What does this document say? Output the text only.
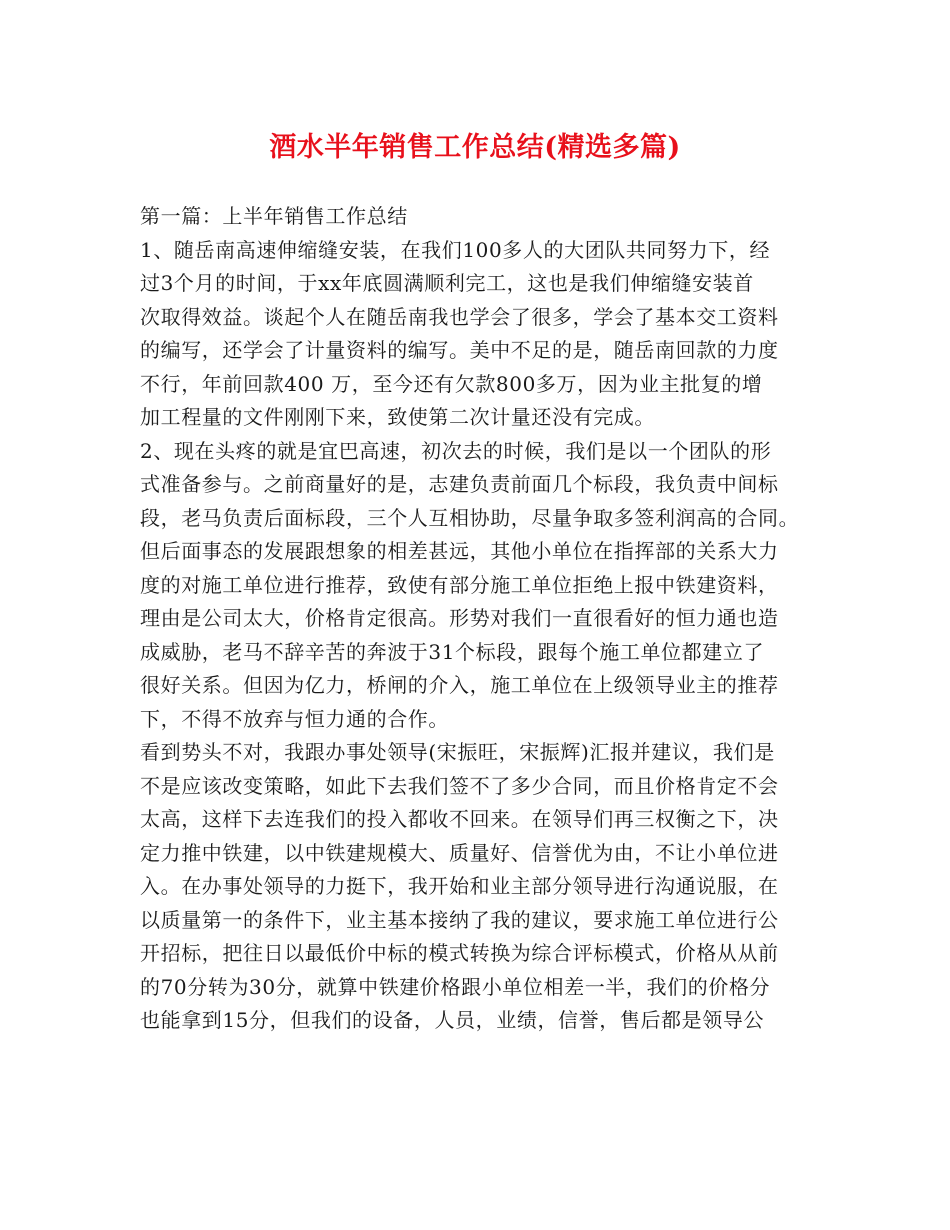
酒水半年销售工作总结(精选多篇)
第一篇：上半年销售工作总结
1、随岳南高速伸缩缝安装，在我们100多人的大团队共同努力下，经
过3个月的时间，于xx年底圆满顺利完工，这也是我们伸缩缝安装首
次取得效益。谈起个人在随岳南我也学会了很多，学会了基本交工资料
的编写，还学会了计量资料的编写。美中不足的是，随岳南回款的力度
不行，年前回款400 万，至今还有欠款800多万，因为业主批复的增
加工程量的文件刚刚下来，致使第二次计量还没有完成。
2、现在头疼的就是宜巴高速，初次去的时候，我们是以一个团队的形
式准备参与。之前商量好的是，志建负责前面几个标段，我负责中间标
段，老马负责后面标段，三个人互相协助，尽量争取多签利润高的合同。
但后面事态的发展跟想象的相差甚远，其他小单位在指挥部的关系大力
度的对施工单位进行推荐，致使有部分施工单位拒绝上报中铁建资料，
理由是公司太大，价格肯定很高。形势对我们一直很看好的恒力通也造
成威胁，老马不辞辛苦的奔波于31个标段，跟每个施工单位都建立了
很好关系。但因为亿力，桥闸的介入，施工单位在上级领导业主的推荐
下，不得不放弃与恒力通的合作。
看到势头不对，我跟办事处领导(宋振旺，宋振辉)汇报并建议，我们是
不是应该改变策略，如此下去我们签不了多少合同，而且价格肯定不会
太高，这样下去连我们的投入都收不回来。在领导们再三权衡之下，决
定力推中铁建，以中铁建规模大、质量好、信誉优为由，不让小单位进
入。在办事处领导的力挺下，我开始和业主部分领导进行沟通说服，在
以质量第一的条件下，业主基本接纳了我的建议，要求施工单位进行公
开招标，把往日以最低价中标的模式转换为综合评标模式，价格从从前
的70分转为30分，就算中铁建价格跟小单位相差一半，我们的价格分
也能拿到15分，但我们的设备，人员，业绩，信誉，售后都是领导公
